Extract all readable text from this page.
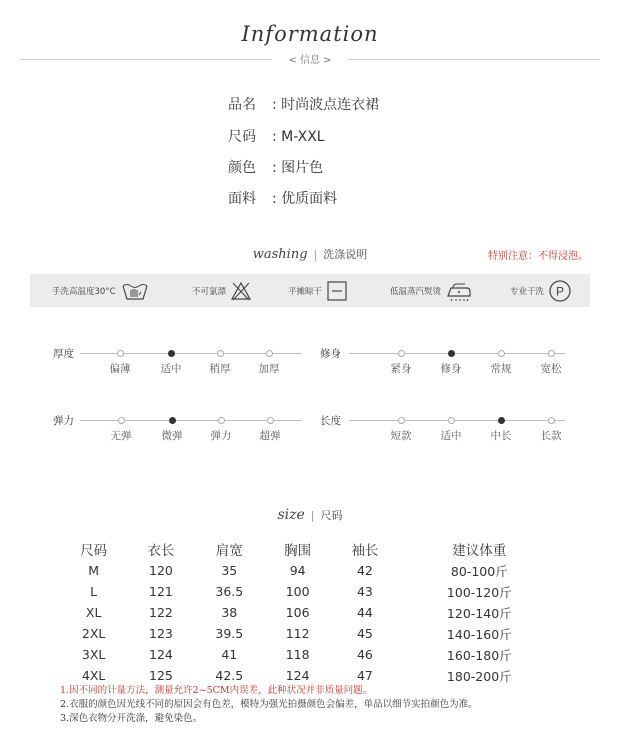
Information
< 信息 >
品名 : 时尚波点连衣裙
尺码 : M-XXL
颜色 : 图片色
面料 : 优质面料
washing | 洗涤说明	特别注意：不得浸泡。
手洗高温度30°C	不可氯漂	平摊晾干	低温蒸汽熨烫	专业干洗 P
厚度
偏薄	适中	稍厚	加厚
修身
紧身	修身	常规	宽松
弹力
无弹	微弹	弹力	超弹
长度
短款	适中	中长	长款
size | 尺码
尺码	衣长	肩宽	胸围	袖长	建议体重
M	120	35	94	42	80-100斤
L	121	36.5	100	43	100-120斤
XL	122	38	106	44	120-140斤
2XL	123	39.5	112	45	140-160斤
3XL	124	41	118	46	160-180斤
4XL	125	42.5	124	47	180-200斤
1.因不同的计量方法，测量允许2~5CM内误差，此种状况并非质量问题。
2.衣服的颜色因光线不同的原因会有色差，模特为强光拍摄颜色会偏差，单品以细节实拍颜色为准。
3.深色衣物分开洗涤，避免染色。
